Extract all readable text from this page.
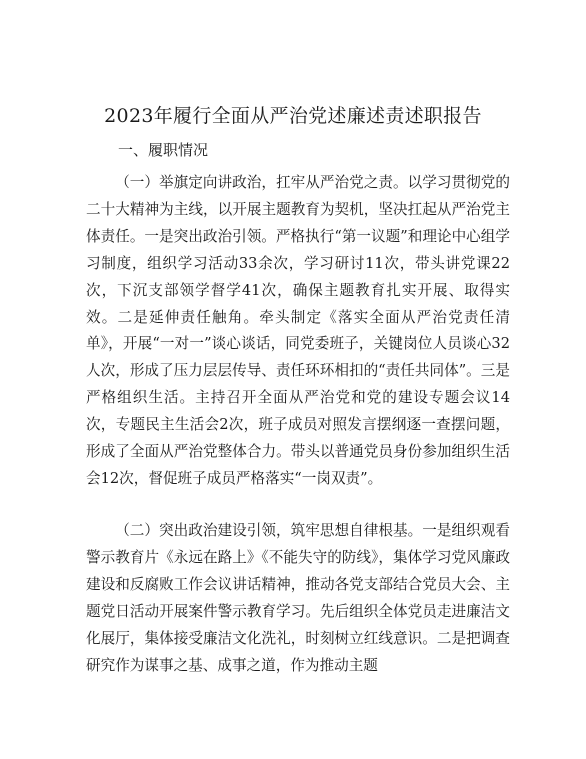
2023年履行全面从严治党述廉述责述职报告
一、履职情况

（一）举旗定向讲政治，扛牢从严治党之责。以学习贯彻党的二十大精神为主线，以开展主题教育为契机，坚决扛起从严治党主体责任。一是突出政治引领。严格执行“第一议题”和理论中心组学习制度，组织学习活动33余次，学习研讨11次，带头讲党课22次，下沉支部领学督学41次，确保主题教育扎实开展、取得实效。二是延伸责任触角。牵头制定《落实全面从严治党责任清单》，开展“一对一”谈心谈话，同党委班子，关键岗位人员谈心32人次，形成了压力层层传导、责任环环相扣的“责任共同体”。三是严格组织生活。主持召开全面从严治党和党的建设专题会议14次，专题民主生活会2次，班子成员对照发言摆纲逐一查摆问题，形成了全面从严治党整体合力。带头以普通党员身份参加组织生活会12次，督促班子成员严格落实“一岗双责”。

（二）突出政治建设引领，筑牢思想自律根基。一是组织观看警示教育片《永远在路上》《不能失守的防线》，集体学习党风廉政建设和反腐败工作会议讲话精神，推动各党支部结合党员大会、主题党日活动开展案件警示教育学习。先后组织全体党员走进廉洁文化展厅，集体接受廉洁文化洗礼，时刻树立红线意识。二是把调查研究作为谋事之基、成事之道，作为推动主题
